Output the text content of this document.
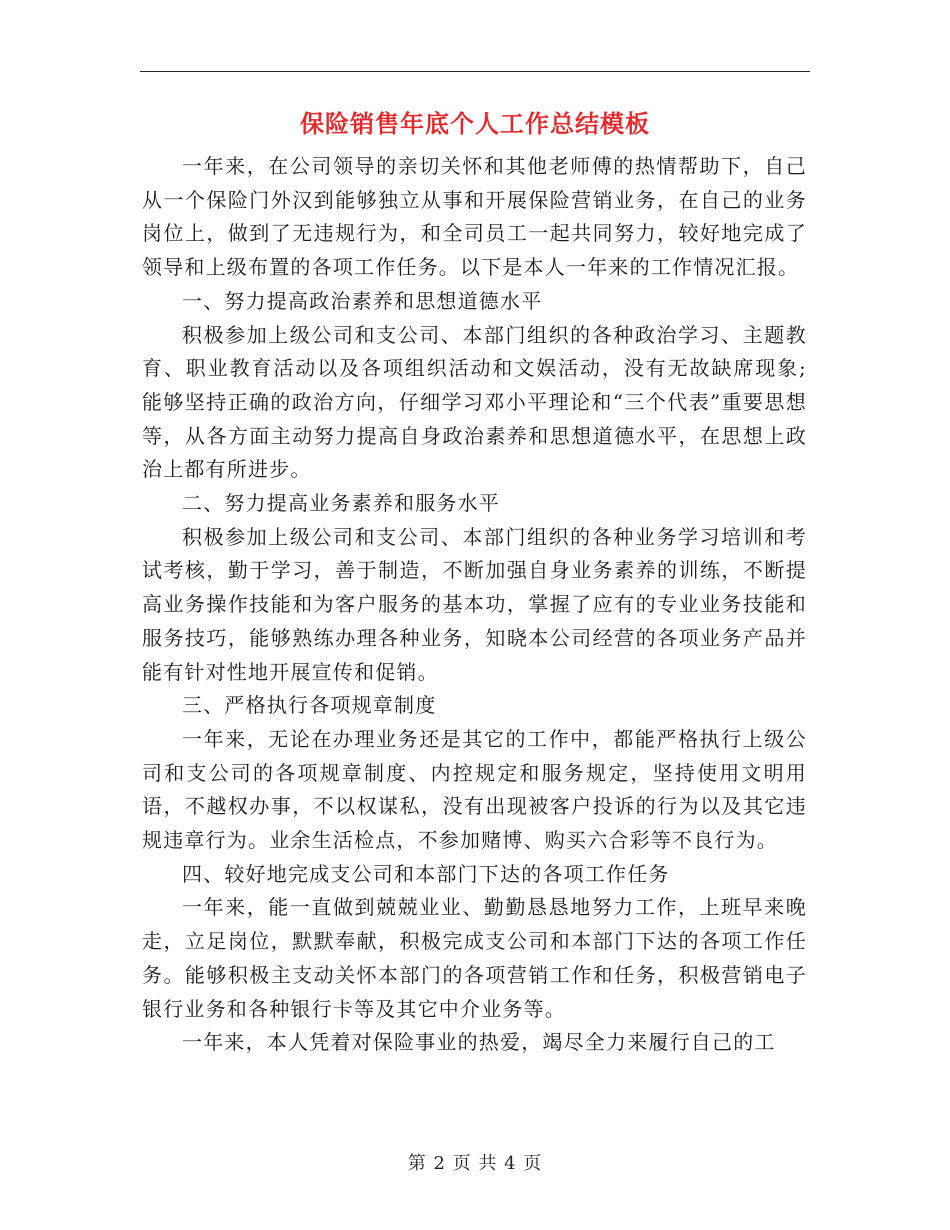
保险销售年底个人工作总结模板

一年来，在公司领导的亲切关怀和其他老师傅的热情帮助下，自己从一个保险门外汉到能够独立从事和开展保险营销业务，在自己的业务岗位上，做到了无违规行为，和全司员工一起共同努力，较好地完成了领导和上级布置的各项工作任务。以下是本人一年来的工作情况汇报。

一、努力提高政治素养和思想道德水平

积极参加上级公司和支公司、本部门组织的各种政治学习、主题教育、职业教育活动以及各项组织活动和文娱活动，没有无故缺席现象;能够坚持正确的政治方向，仔细学习邓小平理论和“三个代表”重要思想等，从各方面主动努力提高自身政治素养和思想道德水平，在思想上政治上都有所进步。

二、努力提高业务素养和服务水平

积极参加上级公司和支公司、本部门组织的各种业务学习培训和考试考核，勤于学习，善于制造，不断加强自身业务素养的训练，不断提高业务操作技能和为客户服务的基本功，掌握了应有的专业业务技能和服务技巧，能够熟练办理各种业务，知晓本公司经营的各项业务产品并能有针对性地开展宣传和促销。

三、严格执行各项规章制度

一年来，无论在办理业务还是其它的工作中，都能严格执行上级公司和支公司的各项规章制度、内控规定和服务规定，坚持使用文明用语，不越权办事，不以权谋私，没有出现被客户投诉的行为以及其它违规违章行为。业余生活检点，不参加赌博、购买六合彩等不良行为。

四、较好地完成支公司和本部门下达的各项工作任务

一年来，能一直做到兢兢业业、勤勤恳恳地努力工作，上班早来晚走，立足岗位，默默奉献，积极完成支公司和本部门下达的各项工作任务。能够积极主支动关怀本部门的各项营销工作和任务，积极营销电子银行业务和各种银行卡等及其它中介业务等。

一年来，本人凭着对保险事业的热爱，竭尽全力来履行自己的工

第 2 页 共 4 页
